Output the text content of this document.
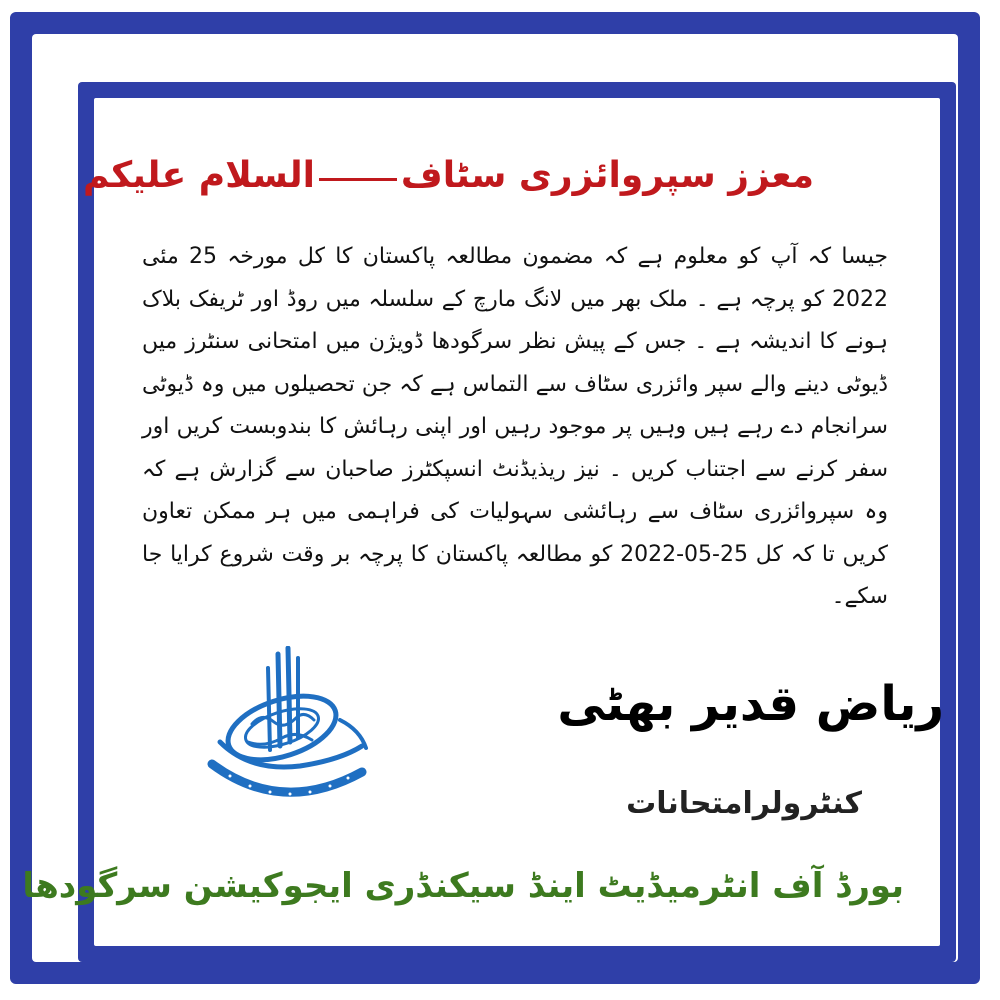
معزز سپروائزری سٹافالسلام علیکم
جیسا کہ آپ کو معلوم ہے کہ مضمون مطالعہ پاکستان کا کل مورخہ 25 مئی 2022 کو پرچہ ہے ۔ ملک بھر میں لانگ مارچ کے سلسلہ میں روڈ اور ٹریفک بلاک ہونے کا اندیشہ ہے ۔ جس کے پیش نظر سرگودھا ڈویژن میں امتحانی سنٹرز میں ڈیوٹی دینے والے سپر وائزری سٹاف سے التماس ہے کہ جن تحصیلوں میں وہ ڈیوٹی سرانجام دے رہے ہیں وہیں پر موجود رہیں اور اپنی رہائش کا بندوبست کریں اور سفر کرنے سے اجتناب کریں ۔ نیز ریذیڈنٹ انسپکٹرز صاحبان سے گزارش ہے کہ وہ سپروائزری سٹاف سے رہائشی سہولیات کی فراہمی میں ہر ممکن تعاون کریں تا کہ کل 25-05-2022 کو مطالعہ پاکستان کا پرچہ بر وقت شروع کرایا جا سکے۔
ریاض قدیر بھٹی
کنٹرولرامتحانات
بورڈ آف انٹرمیڈیٹ اینڈ سیکنڈری ایجوکیشن سرگودھا
